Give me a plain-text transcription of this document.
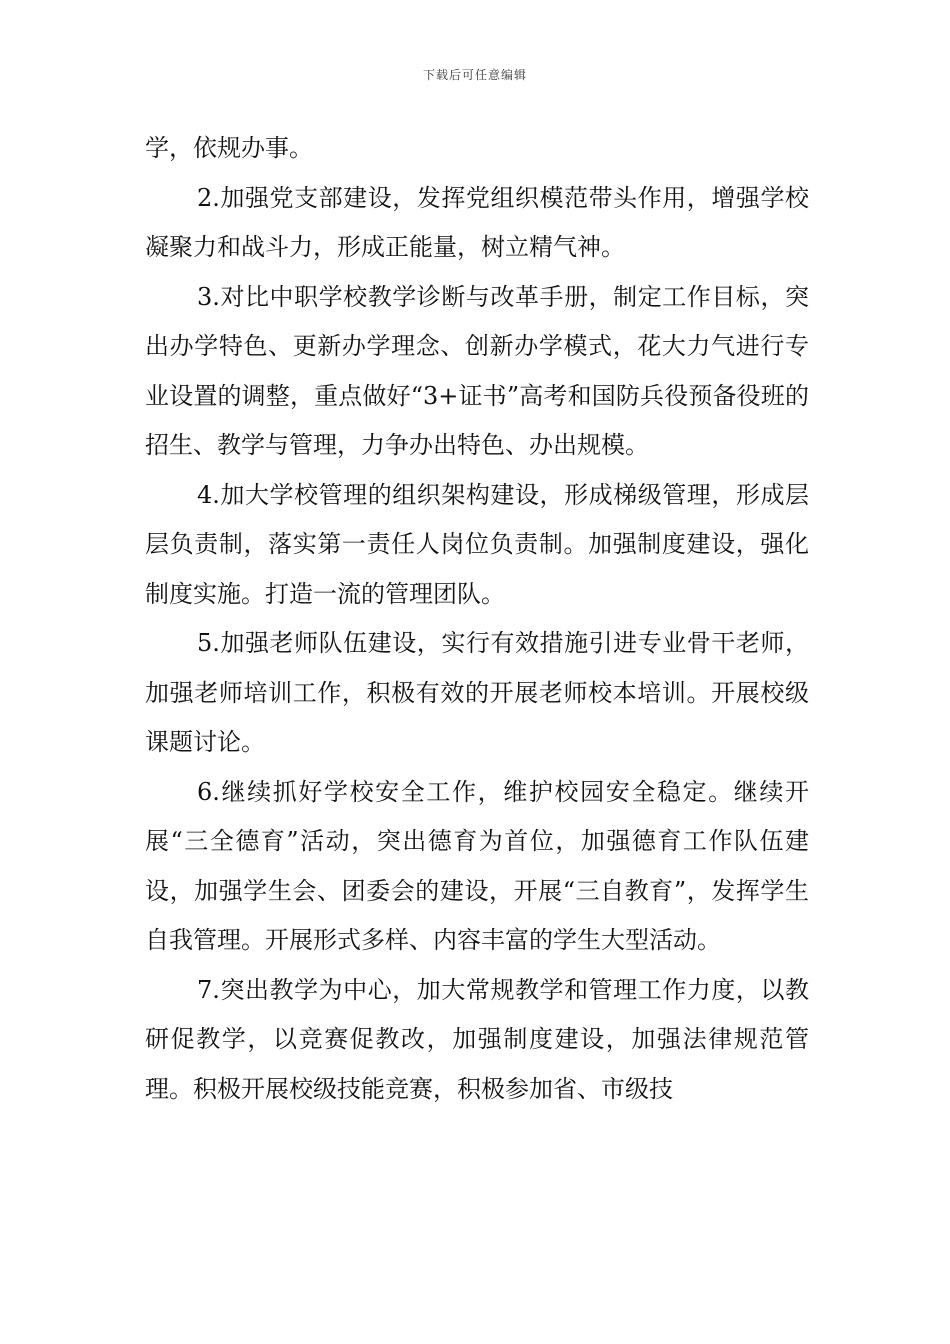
下载后可任意编辑

学，依规办事。

2.加强党支部建设，发挥党组织模范带头作用，增强学校凝聚力和战斗力，形成正能量，树立精气神。

3.对比中职学校教学诊断与改革手册，制定工作目标，突出办学特色、更新办学理念、创新办学模式，花大力气进行专业设置的调整，重点做好“3+证书”高考和国防兵役预备役班的招生、教学与管理，力争办出特色、办出规模。

4.加大学校管理的组织架构建设，形成梯级管理，形成层层负责制，落实第一责任人岗位负责制。加强制度建设，强化制度实施。打造一流的管理团队。

5.加强老师队伍建设，实行有效措施引进专业骨干老师，加强老师培训工作，积极有效的开展老师校本培训。开展校级课题讨论。

6.继续抓好学校安全工作，维护校园安全稳定。继续开展“三全德育”活动，突出德育为首位，加强德育工作队伍建设，加强学生会、团委会的建设，开展“三自教育”，发挥学生自我管理。开展形式多样、内容丰富的学生大型活动。

7.突出教学为中心，加大常规教学和管理工作力度，以教研促教学，以竞赛促教改，加强制度建设，加强法律规范管理。积极开展校级技能竞赛，积极参加省、市级技
